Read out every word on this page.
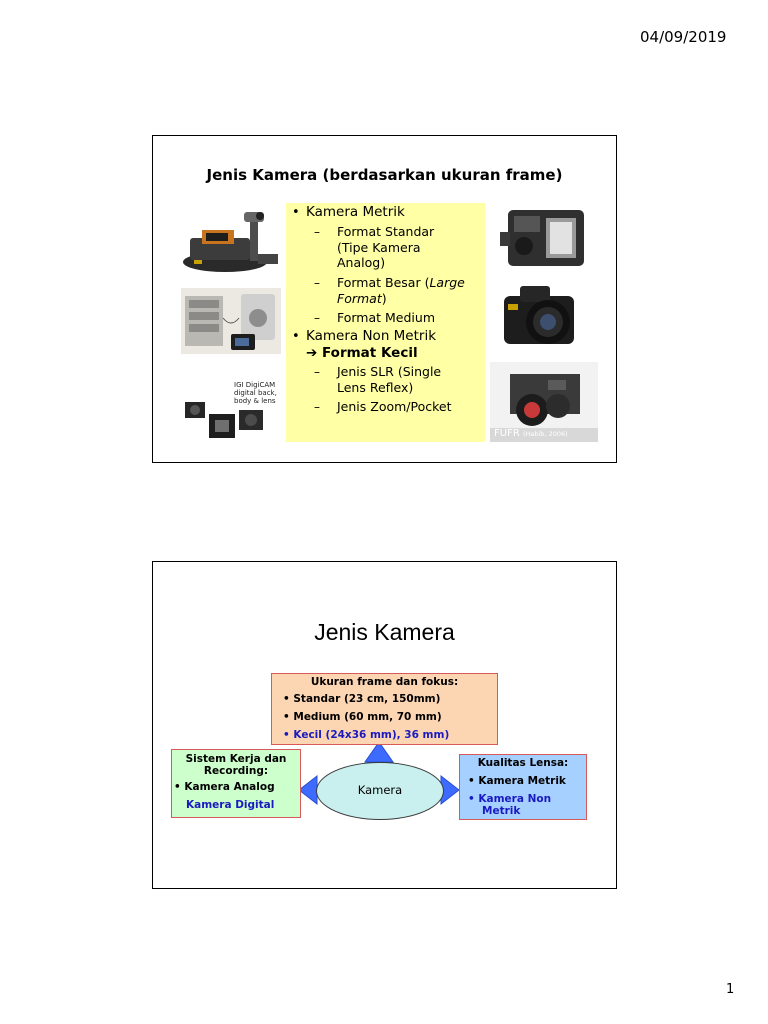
04/09/2019
Jenis Kamera (berdasarkan ukuran frame)
IGI DigiCAM
digital back,
body & lens
• Kamera Metrik
– Format Standar
(Tipe Kamera
Analog)
– Format Besar (Large
Format)
– Format Medium
• Kamera Non Metrik
➔ Format Kecil
– Jenis SLR (Single
Lens Reflex)
– Jenis Zoom/Pocket
FUFR (Habib, 2006)
Jenis Kamera
Ukuran frame dan fokus:
• Standar (23 cm, 150mm)
• Medium (60 mm, 70 mm)
• Kecil (24x36 mm), 36 mm)
Sistem Kerja dan
Recording:
• Kamera Analog
Kamera Digital
Kualitas Lensa:
• Kamera Metrik
• Kamera Non
Metrik
Kamera
1
